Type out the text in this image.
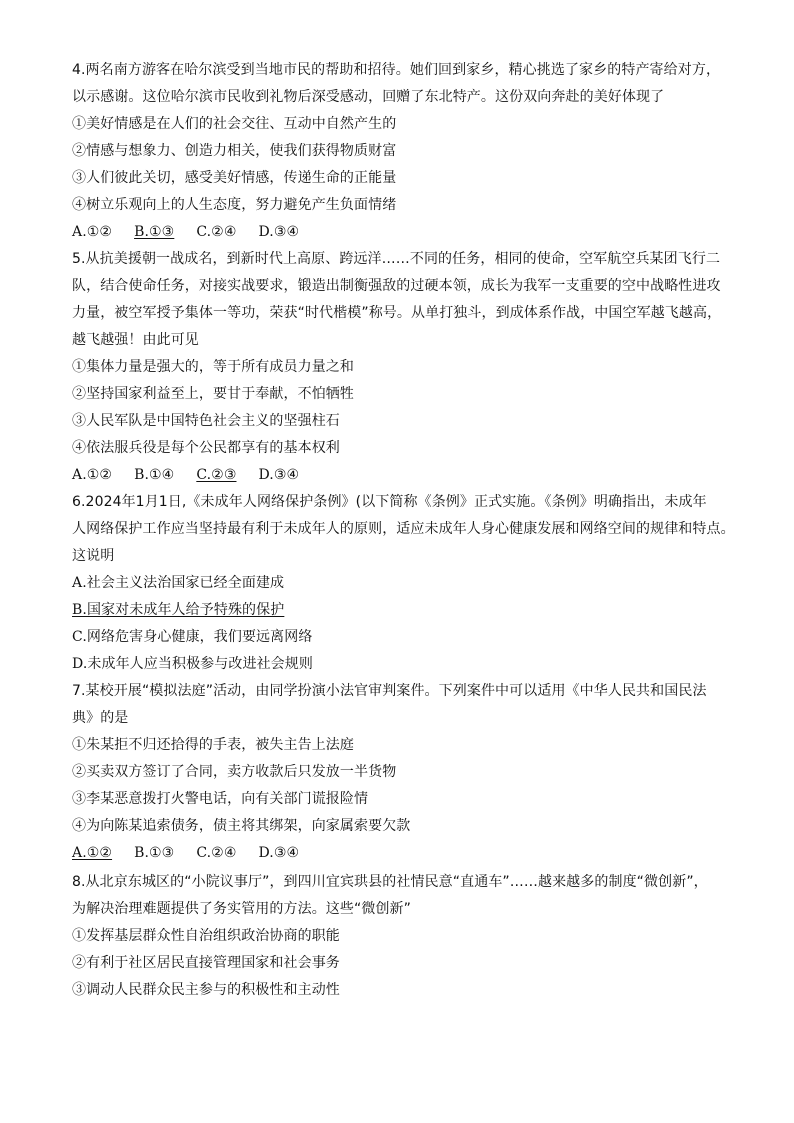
4.两名南方游客在哈尔滨受到当地市民的帮助和招待。她们回到家乡，精心挑选了家乡的特产寄给对方，
以示感谢。这位哈尔滨市民收到礼物后深受感动，回赠了东北特产。这份双向奔赴的美好体现了
①美好情感是在人们的社会交往、互动中自然产生的
②情感与想象力、创造力相关，使我们获得物质财富
③人们彼此关切，感受美好情感，传递生命的正能量
④树立乐观向上的人生态度，努力避免产生负面情绪
A.①② B.①③ C.②④ D.③④
5.从抗美援朝一战成名，到新时代上高原、跨远洋……不同的任务，相同的使命，空军航空兵某团飞行二
队，结合使命任务，对接实战要求，锻造出制衡强敌的过硬本领，成长为我军一支重要的空中战略性进攻
力量，被空军授予集体一等功，荣获“时代楷模”称号。从单打独斗，到成体系作战，中国空军越飞越高，
越飞越强！由此可见
①集体力量是强大的，等于所有成员力量之和
②坚持国家利益至上，要甘于奉献，不怕牺牲
③人民军队是中国特色社会主义的坚强柱石
④依法服兵役是每个公民都享有的基本权利
A.①② B.①④ C.②③ D.③④
6.2024年1月1日,《未成年人网络保护条例》(以下简称《条例》正式实施。《条例》明确指出，未成年
人网络保护工作应当坚持最有利于未成年人的原则，适应未成年人身心健康发展和网络空间的规律和特点。
这说明
A.社会主义法治国家已经全面建成
B.国家对未成年人给予特殊的保护
C.网络危害身心健康，我们要远离网络
D.未成年人应当积极参与改进社会规则
7.某校开展“模拟法庭”活动，由同学扮演小法官审判案件。下列案件中可以适用《中华人民共和国民法
典》的是
①朱某拒不归还拾得的手表，被失主告上法庭
②买卖双方签订了合同，卖方收款后只发放一半货物
③李某恶意拨打火警电话，向有关部门谎报险情
④为向陈某追索债务，债主将其绑架，向家属索要欠款
A.①② B.①③ C.②④ D.③④
8.从北京东城区的“小院议事厅”，到四川宜宾珙县的社情民意“直通车”……越来越多的制度“微创新”，
为解决治理难题提供了务实管用的方法。这些“微创新”
①发挥基层群众性自治组织政治协商的职能
②有利于社区居民直接管理国家和社会事务
③调动人民群众民主参与的积极性和主动性
